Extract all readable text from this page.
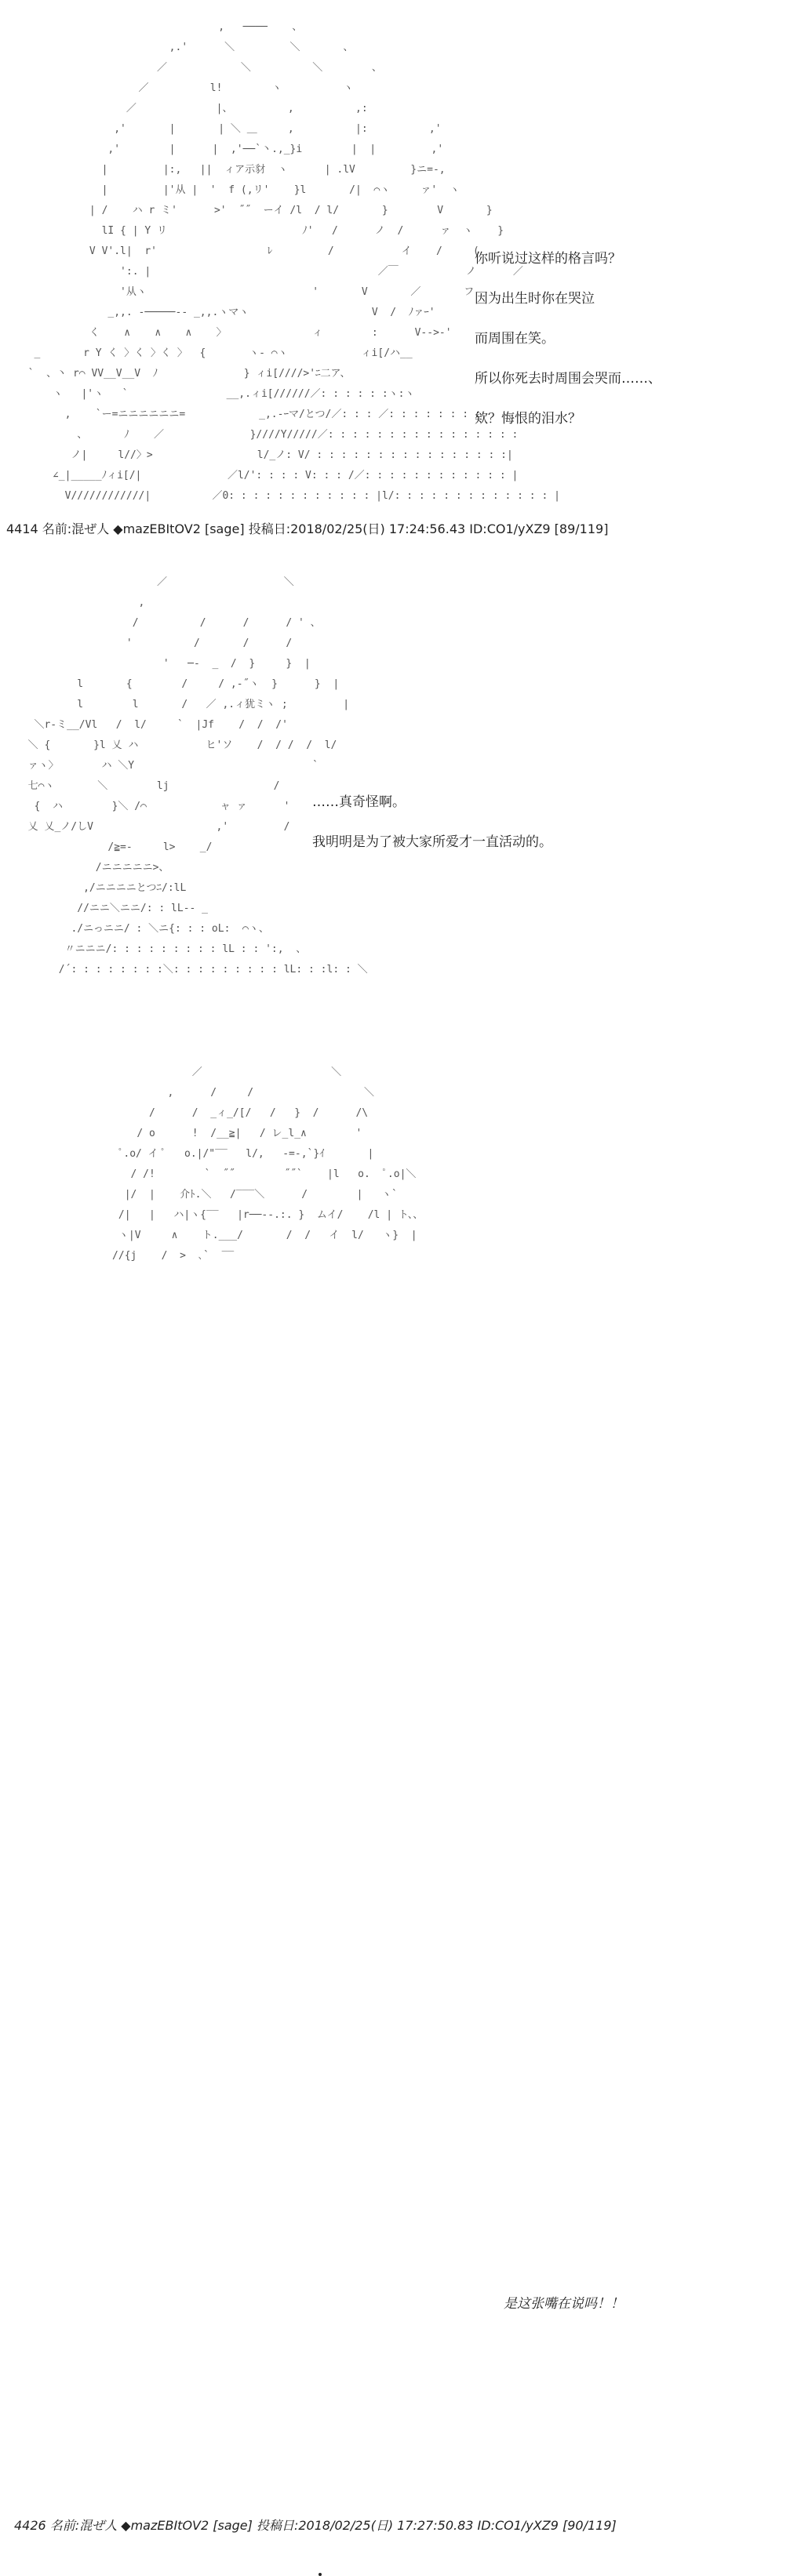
,   ────    、
,.'      ＼         ＼       、
／            ＼          ＼        、
／          l!        ヽ          ヽ
／             |、         ,          ,:
,'       |       | ＼ ＿     ,          |:          ,'
,'        |      |  ,'──`丶.,_}i        |  |         ,'
|         |:,   ||  ィア示豺  ヽ      | .lV         }ニ=-,
|         |'从 |  '  f (,リ'    }l       /|  ⌒ヽ     ァ'  ヽ
| /    ハ r ミ'      >'  ˝˝  ーイ /l  / l/       }        V       }
lI { | Y リ                      ﾉ'   /      ノ  /      ァ  ヽ    }
V V'.l|  r'                  ﾚ         /           イ    /     (
':. |                                     ／￣           ノ      ／
'从ヽ                           '       V       ／       フ
_,,. -─────-- _,,.ヽマヽ                    V  /  ﾉァｰ'
く    ∧    ∧    ∧    〉              ィ        :      V-->-'
_       r Y く 〉く 〉く 〉  {       ヽ- ⌒ヽ            ィi[/ハ__
`  、丶 r⌒ VV__V__V  ﾉ              } ィi[////>'ﾆ二ア、
ヽ   |'ヽ   `                __,.ィi[//////／: : : : : :ヽ:ヽ
,    `ー=ニニニニニニ=            _,.-ｰマ/とつ/／: : : ／: : : : : : : :
、      ﾉ    ／              }////Y/////／: : : : : : : : : : : : : : : :
ノ|     l//〉>                 l/_ノ: V/ : : : : : : : : : : : : : : : :|
∠_|_____ﾉィi[/|              ／l/': : : : V: : : /／: : : : : : : : : : : : |
V////////////|          ／0: : : : : : : : : : : : |l/: : : : : : : : : : : : : |
你听说过这样的格言吗？
因为出生时你在哭泣
而周围在笑。
所以你死去时周围会哭而……、
欸？悔恨的泪水？
4414 名前:混ぜ人 ◆mazEBItOV2 [sage] 投稿日:2018/02/25(日) 17:24:56.43 ID:CO1/yXZ9 [89/119]
／                   ＼
,
/          /      /      / ' 、
'          /       /      /
'   ─-  _  /  }     }  |
l       {        /     / ,-˝ヽ  }      }  |
l        l       /   ／ ,.ィ犹ミヽ ;         |
＼r-ミ__/Vl   /  l/     `  |Jf    /  /  /'
＼ {       }l 乂 ハ           ヒ'ソ    /  / /  /  l/
ァヽ〉       ハ ＼Y                             `
七⌒ヽ       ＼        lj                 /
{  ハ        }＼ /⌒            ャ ァ      '
乂 乂_ノ/しV                    ,'         /
/≧=-     l>    _/
/ニニニニニ>、
,/ニニニニとつﾆ/:lL
//ニニ＼ニニ/: : lL-- _
./ニっニニ/ : ＼ニ{: : : oL:  ⌒ヽ、
〃ニニニ/: : : : : : : : : lL : : ':,  、
/´: : : : : : : :＼: : : : : : : : : lL: : :l: : ＼
……真奇怪啊。
我明明是为了被大家所爱才一直活动的。
／                     ＼
,      /     /                  ＼
/      /  _ィ_/[/   /   }  /      /\
/ o      !  /__≧|   / レ_l_∧        '
ﾟ.o/ イ ﾟ   o.|/"‾‾   l/,   -=-,`}ｲ       |
/ /!        `  ˝˝        ˝˝`    |l   o.  ﾟ.o|＼
|/  |    介ﾄ.＼   /‾‾‾＼      /        |   ヽ`
/|   |   ハ|ヽ{‾‾   |r──--.:. }  ムイ/    /l | ト、、
ヽ|V     ∧    ト.___/       /  /   イ  l/   ヽ}  |
//{j    /  >  ､`  ‾‾

是这张嘴在说吗！！

4426 名前:混ぜ人 ◆mazEBItOV2 [sage] 投稿日:2018/02/25(日) 17:27:50.83 ID:CO1/yXZ9 [90/119]
